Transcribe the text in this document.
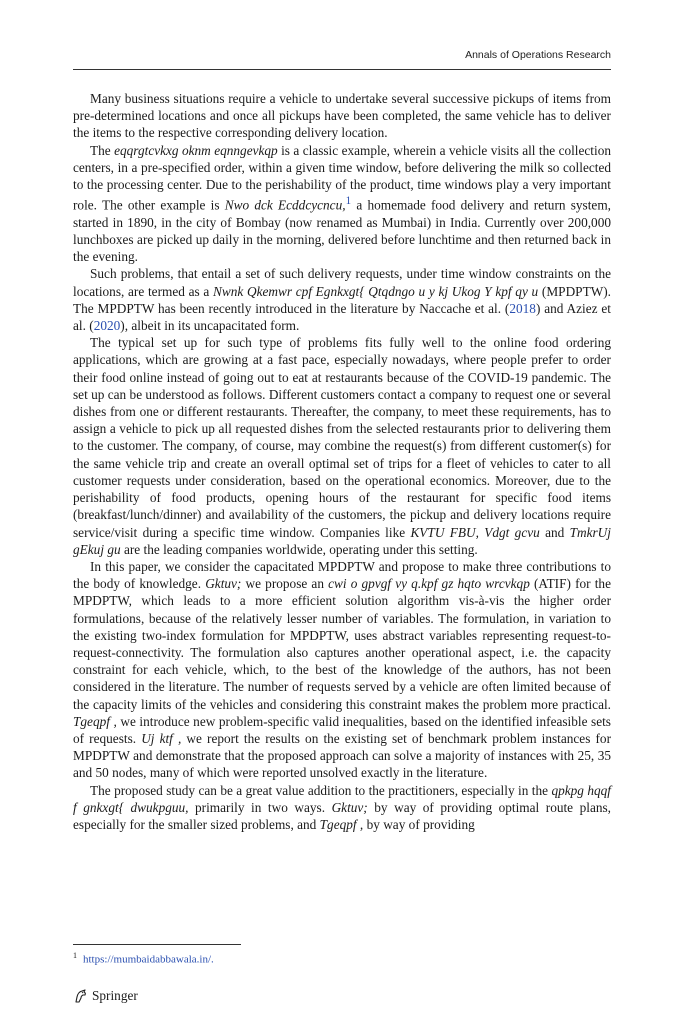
Annals of Operations Research

Many business situations require a vehicle to undertake several successive pickups of items from pre-determined locations and once all pickups have been completed, the same vehicle has to deliver the items to the respective corresponding delivery location.

The eqqrgtcvkxg oknm eqnngevkqp is a classic example, wherein a vehicle visits all the collection centers, in a pre-specified order, within a given time window, before delivering the milk so collected to the processing center. Due to the perishability of the product, time windows play a very important role. The other example is Nwo dck Ecddcycncu,$^1$ a homemade food delivery and return system, started in 1890, in the city of Bombay (now renamed as Mumbai) in India. Currently over 200,000 lunchboxes are picked up daily in the morning, delivered before lunchtime and then returned back in the evening.

Such problems, that entail a set of such delivery requests, under time window constraints on the locations, are termed as a Nwnk Qkemwr cpf Egnkxgt{ Qtqdngo u y kj Ukog Y kpf qy u (MPDPTW). The MPDPTW has been recently introduced in the literature by Naccache et al. (2018) and Aziez et al. (2020), albeit in its uncapacitated form.

The typical set up for such type of problems fits fully well to the online food ordering applications, which are growing at a fast pace, especially nowadays, where people prefer to order their food online instead of going out to eat at restaurants because of the COVID-19 pandemic. The set up can be understood as follows. Different customers contact a company to request one or several dishes from one or different restaurants. Thereafter, the company, to meet these requirements, has to assign a vehicle to pick up all requested dishes from the selected restaurants prior to delivering them to the customer. The company, of course, may combine the request(s) from different customer(s) for the same vehicle trip and create an overall optimal set of trips for a fleet of vehicles to cater to all customer requests under consideration, based on the operational economics. Moreover, due to the perishability of food products, opening hours of the restaurant for specific food items (breakfast/lunch/dinner) and availability of the customers, the pickup and delivery locations require service/visit during a specific time window. Companies like KVTU FBU, Vdgt gcvu and TmkrUj gEkuj gu are the leading companies worldwide, operating under this setting.

In this paper, we consider the capacitated MPDPTW and propose to make three contributions to the body of knowledge. Gktuv; we propose an cwi o gpvgf vy q.kpf gz hqto wrcvkqp (ATIF) for the MPDPTW, which leads to a more efficient solution algorithm vis-à-vis the higher order formulations, because of the relatively lesser number of variables. The formulation, in variation to the existing two-index formulation for MPDPTW, uses abstract variables representing request-to-request-connectivity. The formulation also captures another operational aspect, i.e. the capacity constraint for each vehicle, which, to the best of the knowledge of the authors, has not been considered in the literature. The number of requests served by a vehicle are often limited because of the capacity limits of the vehicles and considering this constraint makes the problem more practical. Tgeqpf , we introduce new problem-specific valid inequalities, based on the identified infeasible sets of requests. Uj ktf , we report the results on the existing set of benchmark problem instances for MPDPTW and demonstrate that the proposed approach can solve a majority of instances with 25, 35 and 50 nodes, many of which were reported unsolved exactly in the literature.

The proposed study can be a great value addition to the practitioners, especially in the qpkpg hqqf f gnkxgt{ dwukpguu, primarily in two ways. Gktuv; by way of providing optimal route plans, especially for the smaller sized problems, and Tgeqpf , by way of providing

$^1$ https://mumbaidabbawala.in/.
Springer
